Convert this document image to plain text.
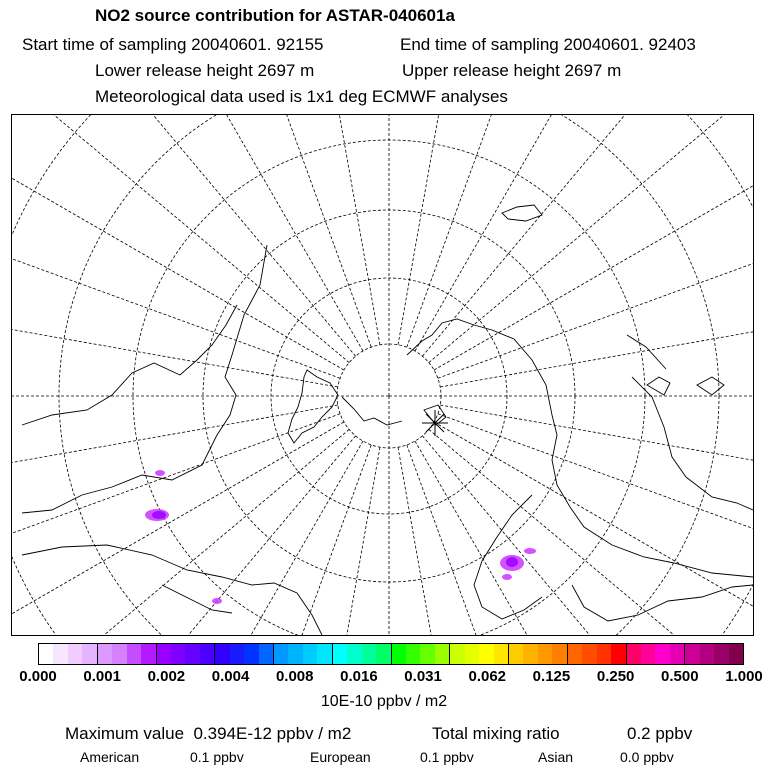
NO2 source contribution for ASTAR-040601a
Start time of sampling 20040601. 92155	End time of sampling 20040601. 92403
Lower release height 2697 m	Upper release height 2697 m
Meteorological data used is 1x1 deg ECMWF analyses
0.000 0.001 0.002 0.004 0.008 0.016 0.031 0.062 0.125 0.250 0.500 1.000
10E-10 ppbv / m2
Maximum value  0.394E-12 ppbv / m2	Total mixing ratio	0.2 ppbv
American	0.1 ppbv	European	0.1 ppbv	Asian	0.0 ppbv
